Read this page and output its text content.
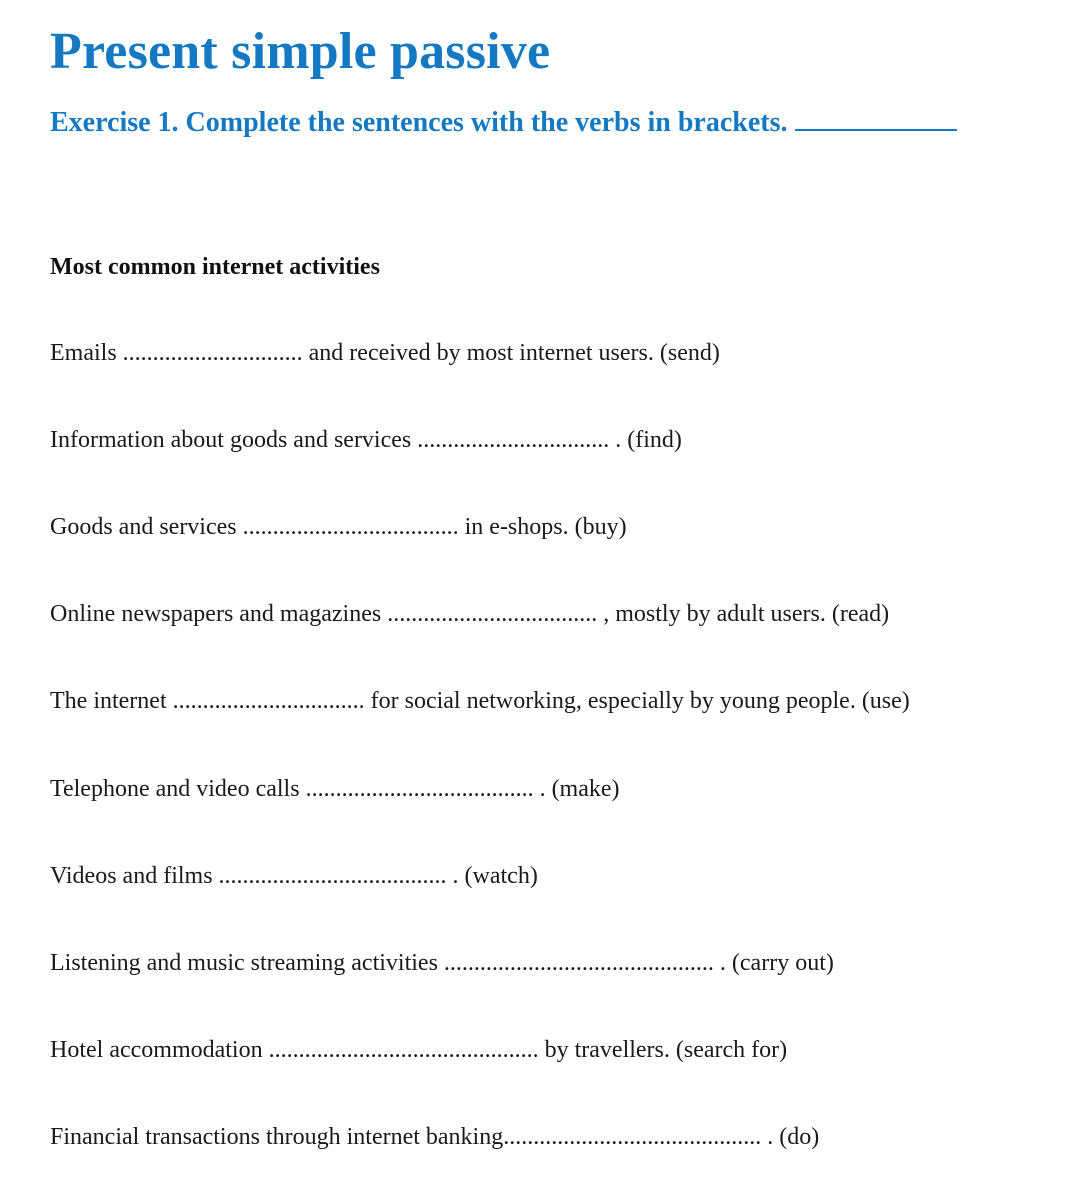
Present simple passive
Exercise 1. Complete the sentences with the verbs in brackets.
Most common internet activities

Emails .............................. and received by most internet users. (send)

Information about goods and services ................................ . (find)

Goods and services .................................... in e-shops. (buy)

Online newspapers and magazines ................................... , mostly by adult users. (read)

The internet ................................ for social networking, especially by young people. (use)

Telephone and video calls ...................................... . (make)

Videos and films ...................................... . (watch)

Listening and music streaming activities ............................................. . (carry out)

Hotel accommodation ............................................. by travellers. (search for)

Financial transactions through internet banking........................................... . (do)
